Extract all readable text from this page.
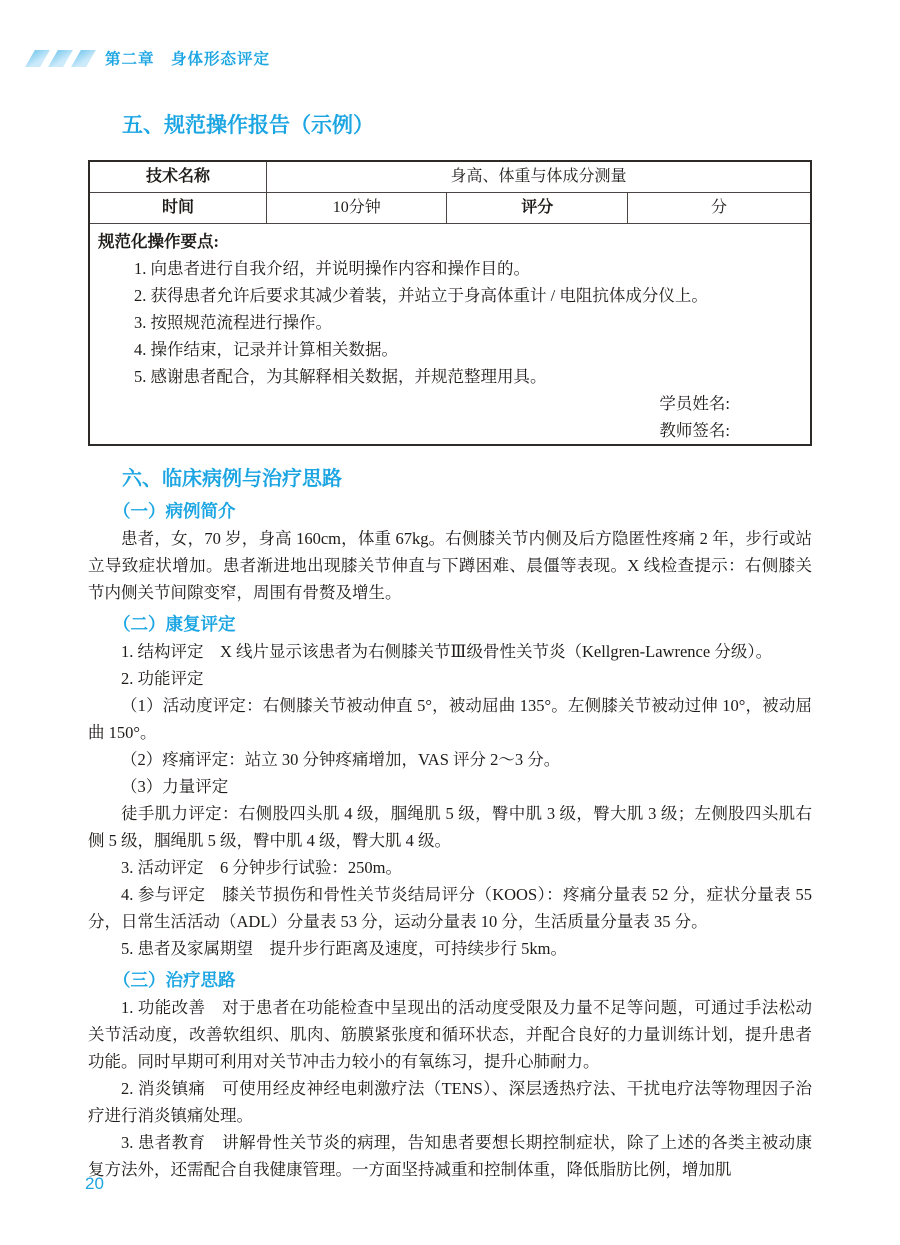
第二章　身体形态评定
五、规范操作报告（示例）
技术名称	身高、体重与体成分测量		
时间	10分钟	评分	分

规范化操作要点:
1. 向患者进行自我介绍，并说明操作内容和操作目的。
2. 获得患者允许后要求其减少着装，并站立于身高体重计 / 电阻抗体成分仪上。
3. 按照规范流程进行操作。
4. 操作结束，记录并计算相关数据。
5. 感谢患者配合，为其解释相关数据，并规范整理用具。
学员姓名:
教师签名:
六、临床病例与治疗思路
（一）病例简介

患者，女，70 岁，身高 160cm，体重 67kg。右侧膝关节内侧及后方隐匿性疼痛 2 年，步行或站立导致症状增加。患者渐进地出现膝关节伸直与下蹲困难、晨僵等表现。X 线检查提示：右侧膝关节内侧关节间隙变窄，周围有骨赘及增生。

（二）康复评定

1. 结构评定　X 线片显示该患者为右侧膝关节Ⅲ级骨性关节炎（Kellgren-Lawrence 分级）。

2. 功能评定

（1）活动度评定：右侧膝关节被动伸直 5°，被动屈曲 135°。左侧膝关节被动过伸 10°，被动屈曲 150°。

（2）疼痛评定：站立 30 分钟疼痛增加，VAS 评分 2～3 分。

（3）力量评定

徒手肌力评定：右侧股四头肌 4 级，腘绳肌 5 级，臀中肌 3 级，臀大肌 3 级；左侧股四头肌右侧 5 级，腘绳肌 5 级，臀中肌 4 级，臀大肌 4 级。

3. 活动评定　6 分钟步行试验：250m。

4. 参与评定　膝关节损伤和骨性关节炎结局评分（KOOS）：疼痛分量表 52 分，症状分量表 55 分，日常生活活动（ADL）分量表 53 分，运动分量表 10 分，生活质量分量表 35 分。

5. 患者及家属期望　提升步行距离及速度，可持续步行 5km。

（三）治疗思路

1. 功能改善　对于患者在功能检查中呈现出的活动度受限及力量不足等问题，可通过手法松动关节活动度，改善软组织、肌肉、筋膜紧张度和循环状态，并配合良好的力量训练计划，提升患者功能。同时早期可利用对关节冲击力较小的有氧练习，提升心肺耐力。

2. 消炎镇痛　可使用经皮神经电刺激疗法（TENS）、深层透热疗法、干扰电疗法等物理因子治疗进行消炎镇痛处理。

3. 患者教育　讲解骨性关节炎的病理，告知患者要想长期控制症状，除了上述的各类主被动康复方法外，还需配合自我健康管理。一方面坚持减重和控制体重，降低脂肪比例，增加肌

20
